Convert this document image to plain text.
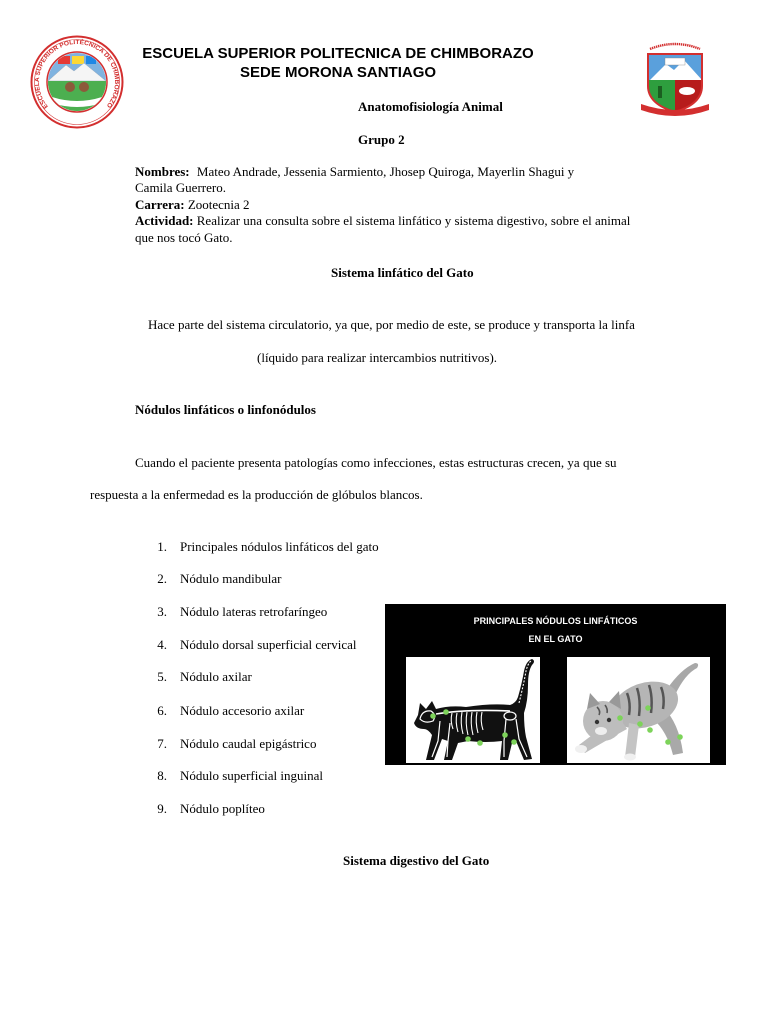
ESCUELA SUPERIOR POLITÉCNICA DE CHIMBORAZO
ESCUELA SUPERIOR POLITECNICA DE CHIMBORAZO
SEDE MORONA SANTIAGO
Anatomofisiología Animal
Grupo 2
Nombres: Mateo Andrade, Jessenia Sarmiento, Jhosep Quiroga, Mayerlin Shagui y
Camila Guerrero.
Carrera: Zootecnia 2
Actividad: Realizar una consulta sobre el sistema linfático y sistema digestivo, sobre el animal
que nos tocó Gato.
Sistema linfático del Gato
Hace parte del sistema circulatorio, ya que, por medio de este, se produce y transporta la linfa
(líquido para realizar intercambios nutritivos).
Nódulos linfáticos o linfonódulos
Cuando el paciente presenta patologías como infecciones, estas estructuras crecen, ya que su
respuesta a la enfermedad es la producción de glóbulos blancos.
1. Principales nódulos linfáticos del gato
2. Nódulo mandibular
3. Nódulo lateras retrofaríngeo
4. Nódulo dorsal superficial cervical
5. Nódulo axilar
6. Nódulo accesorio axilar
7. Nódulo caudal epigástrico
8. Nódulo superficial inguinal
9. Nódulo poplíteo
PRINCIPALES NÓDULOS LINFÁTICOS
EN EL GATO
Sistema digestivo del Gato
